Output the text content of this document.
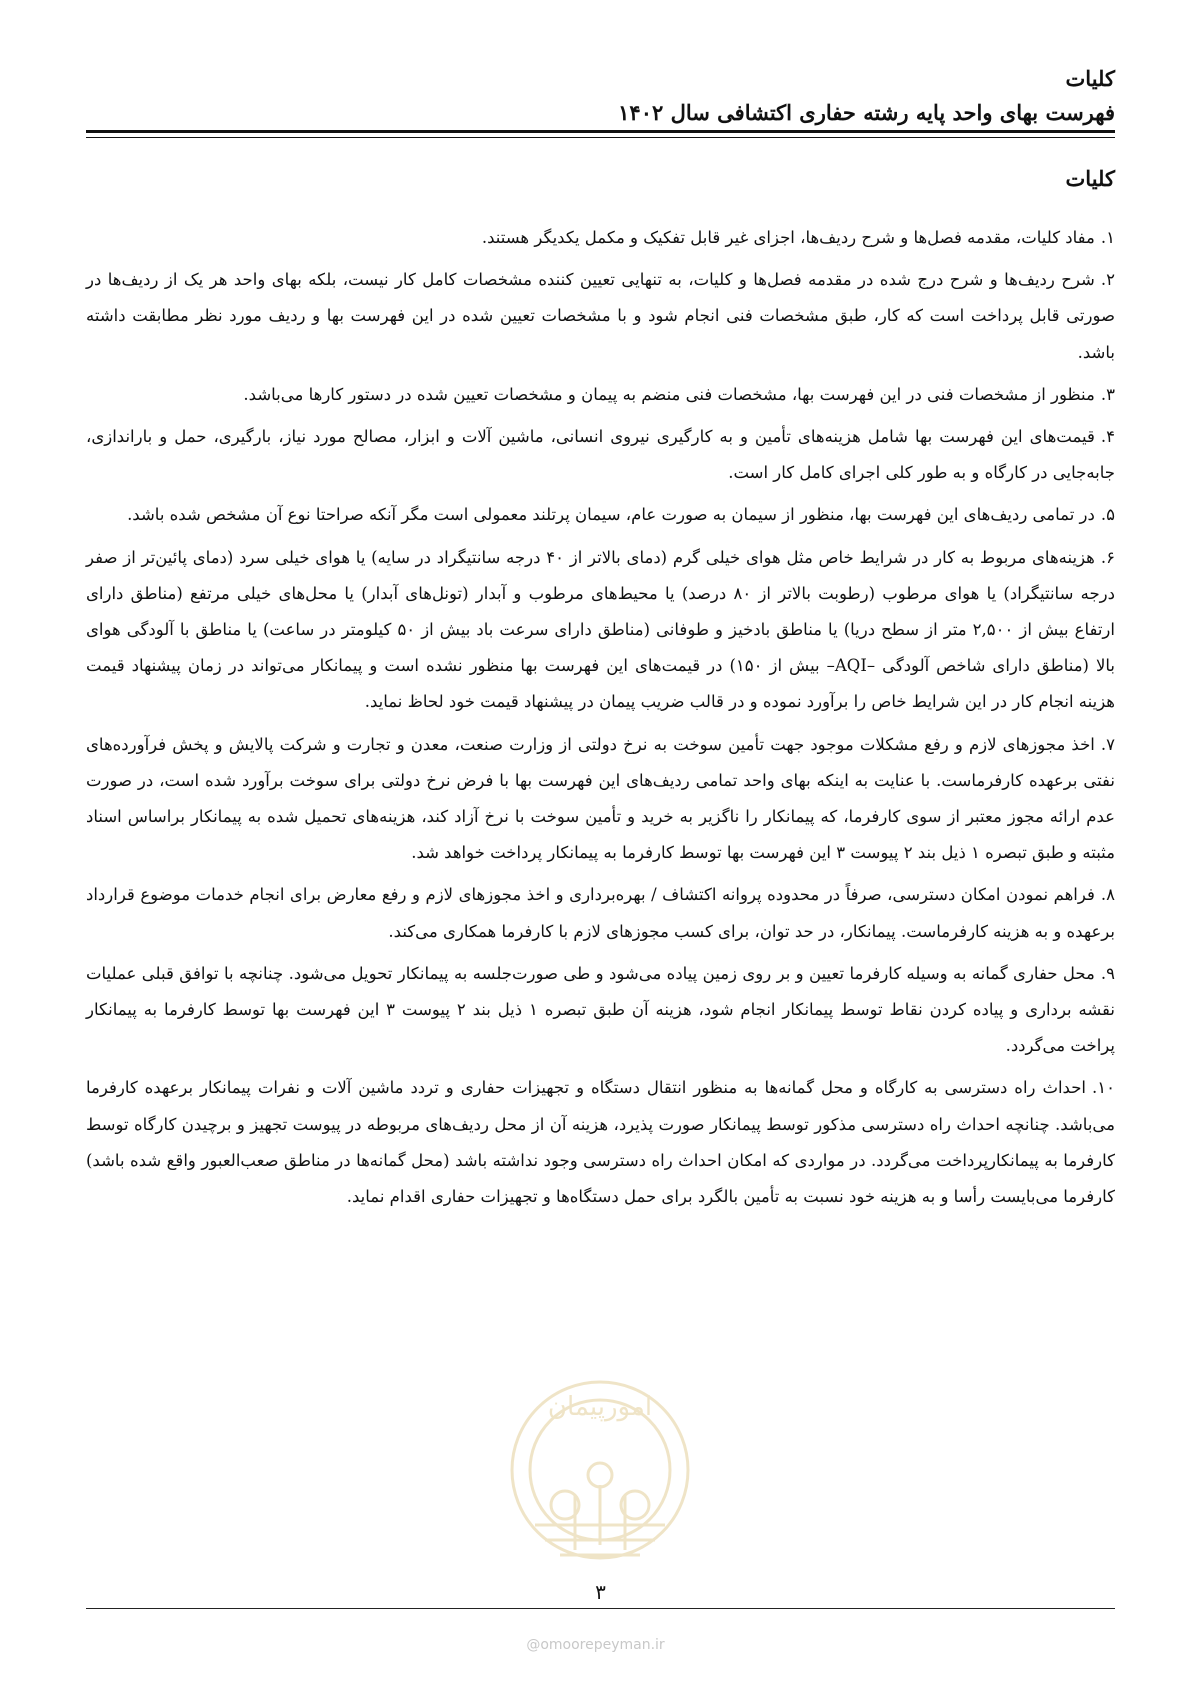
کلیات
فهرست بهای واحد پایه رشته حفاری اکتشافی سال ۱۴۰۲
کلیات

۱.مفاد کلیات، مقدمه فصل‌ها و شرح ردیف‌ها، اجزای غیر قابل تفکیک و مکمل یکدیگر هستند.

۲.شرح ردیف‌ها و شرح درج شده در مقدمه فصل‌ها و کلیات، به تنهایی تعیین کننده مشخصات کامل کار نیست، بلکه بهای واحد هر یک از ردیف‌ها در صورتی قابل پرداخت است که کار، طبق مشخصات فنی انجام شود و با مشخصات تعیین شده در این فهرست بها و ردیف مورد نظر مطابقت داشته باشد.

۳.منظور از مشخصات فنی در این فهرست بها، مشخصات فنی منضم به پیمان و مشخصات تعیین شده در دستور کارها می‌باشد.

۴.قیمت‌های این فهرست بها شامل هزینه‌های تأمین و به کارگیری نیروی انسانی، ماشین آلات و ابزار، مصالح مورد نیاز، بارگیری، حمل و باراندازی، جابه‌جایی در کارگاه و به طور کلی اجرای کامل کار است.

۵.در تمامی ردیف‌های این فهرست بها، منظور از سیمان به صورت عام، سیمان پرتلند معمولی است مگر آنکه صراحتا نوع آن مشخص شده باشد.

۶.هزینه‌های مربوط به کار در شرایط خاص مثل هوای خیلی گرم (دمای بالاتر از ۴۰ درجه سانتیگراد در سایه) یا هوای خیلی سرد (دمای پائین‌تر از صفر درجه سانتیگراد) یا هوای مرطوب (رطوبت بالاتر از ۸۰ درصد) یا محیط‌های مرطوب و آبدار (تونل‌های آبدار) یا محل‌های خیلی مرتفع (مناطق دارای ارتفاع بیش از ۲,۵۰۰ متر از سطح دریا) یا مناطق بادخیز و طوفانی (مناطق دارای سرعت باد بیش از ۵۰ کیلومتر در ساعت) یا مناطق با آلودگی هوای بالا (مناطق دارای شاخص آلودگی –AQI– بیش از ۱۵۰) در قیمت‌های این فهرست بها منظور نشده است و پیمانکار می‌تواند در زمان پیشنهاد قیمت هزینه انجام کار در این شرایط خاص را برآورد نموده و در قالب ضریب پیمان در پیشنهاد قیمت خود لحاظ نماید.

۷.اخذ مجوزهای لازم و رفع مشکلات موجود جهت تأمین سوخت به نرخ دولتی از وزارت صنعت، معدن و تجارت و شرکت پالایش و پخش فرآورده‌های نفتی برعهده کارفرماست. با عنایت به اینکه بهای واحد تمامی ردیف‌های این فهرست بها با فرض نرخ دولتی برای سوخت برآورد شده است، در صورت عدم ارائه مجوز معتبر از سوی کارفرما، که پیمانکار را ناگزیر به خرید و تأمین سوخت با نرخ آزاد کند، هزینه‌های تحمیل شده به پیمانکار براساس اسناد مثبته و طبق تبصره ۱ ذیل بند ۲ پیوست ۳ این فهرست بها توسط کارفرما به پیمانکار پرداخت خواهد شد.

۸.فراهم نمودن امکان دسترسی، صرفاً در محدوده پروانه اکتشاف / بهره‌برداری و اخذ مجوزهای لازم و رفع معارض برای انجام خدمات موضوع قرارداد برعهده و به هزینه کارفرماست. پیمانکار، در حد توان، برای کسب مجوزهای لازم با کارفرما همکاری می‌کند.

۹.محل حفاری گمانه به وسیله کارفرما تعیین و بر روی زمین پیاده می‌شود و طی صورت‌جلسه به پیمانکار تحویل می‌شود. چنانچه با توافق قبلی عملیات نقشه برداری و پیاده کردن نقاط توسط پیمانکار انجام شود، هزینه آن طبق تبصره ۱ ذیل بند ۲ پیوست ۳ این فهرست بها توسط کارفرما به پیمانکار پراخت می‌گردد.

۱۰.احداث راه دسترسی به کارگاه و محل گمانه‌ها به منظور انتقال دستگاه و تجهیزات حفاری و تردد ماشین آلات و نفرات پیمانکار برعهده کارفرما می‌باشد. چنانچه احداث راه دسترسی مذکور توسط پیمانکار صورت پذیرد، هزینه آن از محل ردیف‌های مربوطه در پیوست تجهیز و برچیدن کارگاه توسط کارفرما به پیمانکارپرداخت می‌گردد. در مواردی که امکان احداث راه دسترسی وجود نداشته باشد (محل گمانه‌ها در مناطق صعب‌العبور واقع شده باشد) کارفرما می‌بایست رأسا و به هزینه خود نسبت به تأمین بالگرد برای حمل دستگاه‌ها و تجهیزات حفاری اقدام نماید.

۳
امورپیمان
@omoorepeyman.ir
